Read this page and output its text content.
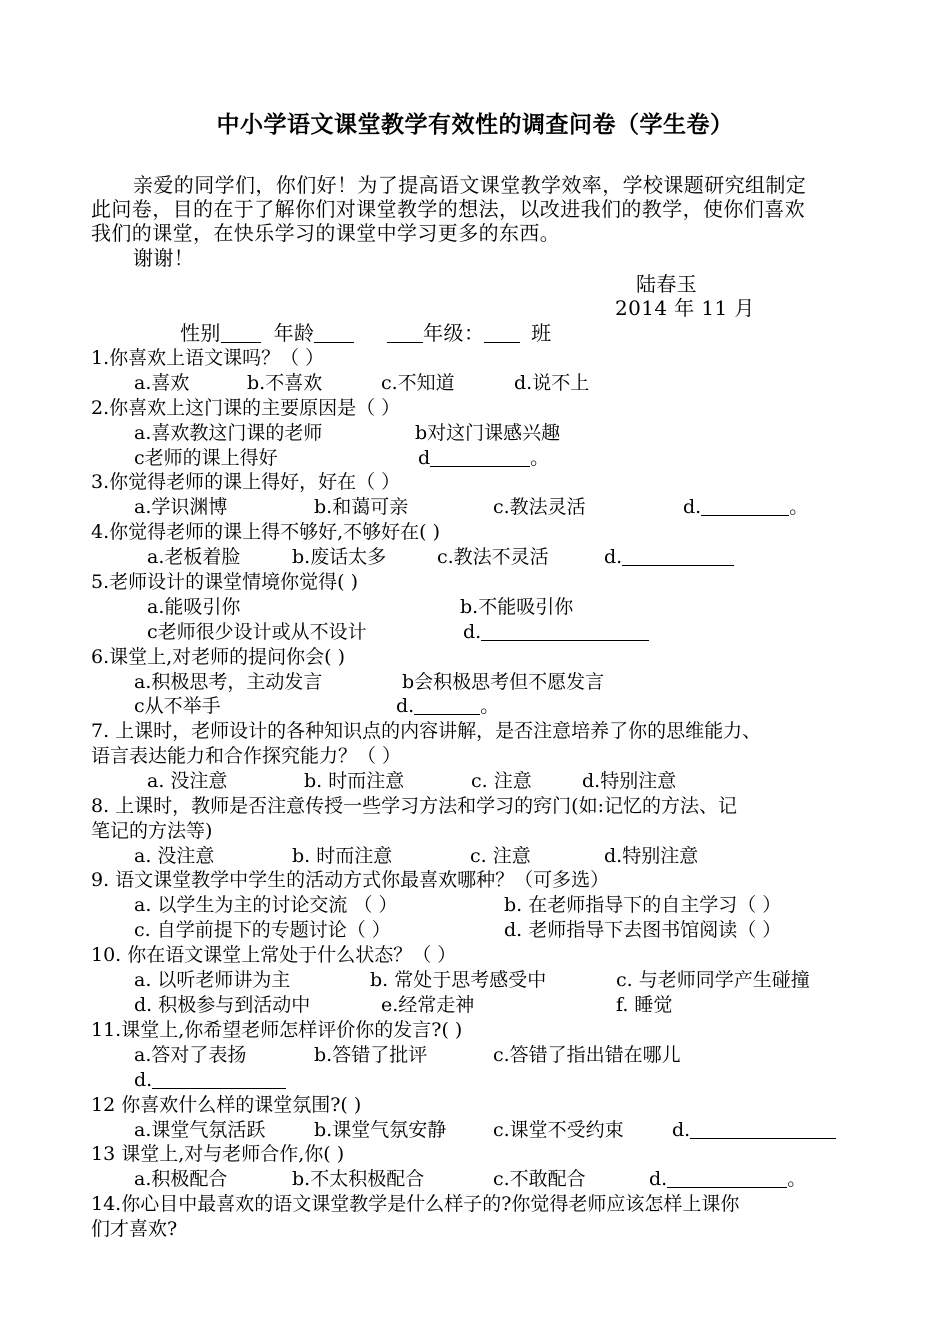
中小学语文课堂教学有效性的调查问卷（学生卷）
亲爱的同学们，你们好！为了提高语文课堂教学效率，学校课题研究组制定
此问卷，目的在于了解你们对课堂教学的想法，以改进我们的教学，使你们喜欢
我们的课堂，在快乐学习的课堂中学习更多的东西。
谢谢！
陆春玉
2014 年 11 月
性别	年龄	年级： 班
1.你喜欢上语文课吗？（ ）
a.喜欢	b.不喜欢	c.不知道	d.说不上
2.你喜欢上这门课的主要原因是（ ）
a.喜欢教这门课的老师	b对这门课感兴趣
c老师的课上得好	d	。
3.你觉得老师的课上得好，好在（ ）
a.学识渊博	b.和蔼可亲	c.教法灵活	d.	。
4.你觉得老师的课上得不够好,不够好在( )
a.老板着脸	b.废话太多	c.教法不灵活	d.
5.老师设计的课堂情境你觉得( )
a.能吸引你	b.不能吸引你
c老师很少设计或从不设计	d.
6.课堂上,对老师的提问你会( )
a.积极思考，主动发言	b会积极思考但不愿发言
c从不举手	d.	。
7. 上课时，老师设计的各种知识点的内容讲解，是否注意培养了你的思维能力、
语言表达能力和合作探究能力？（ ）
a. 没注意	b. 时而注意	c. 注意	d.特别注意
8. 上课时，教师是否注意传授一些学习方法和学习的窍门(如:记忆的方法、记
笔记的方法等)
a. 没注意	b. 时而注意	c. 注意	d.特别注意
9. 语文课堂教学中学生的活动方式你最喜欢哪种？（可多选）
a. 以学生为主的讨论交流 （ ）	b. 在老师指导下的自主学习（ ）
c. 自学前提下的专题讨论（ ）	d. 老师指导下去图书馆阅读（ ）
10. 你在语文课堂上常处于什么状态？（ ）
a. 以听老师讲为主	b. 常处于思考感受中	c. 与老师同学产生碰撞
d. 积极参与到活动中	e.经常走神	f. 睡觉
11.课堂上,你希望老师怎样评价你的发言?( )
a.答对了表扬	b.答错了批评	c.答错了指出错在哪儿
d.
12 你喜欢什么样的课堂氛围?( )
a.课堂气氛活跃	b.课堂气氛安静 c.课堂不受约束	d.
13 课堂上,对与老师合作,你( )
a.积极配合	b.不太积极配合	c.不敢配合	d.	。
14.你心目中最喜欢的语文课堂教学是什么样子的?你觉得老师应该怎样上课你
们才喜欢?
